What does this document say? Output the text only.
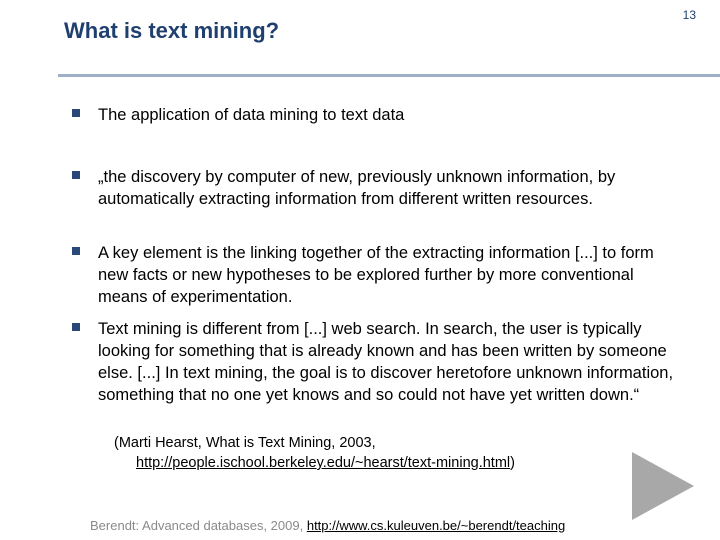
What is text mining?
13
The application of data mining to text data
„the discovery by computer of new, previously unknown information, by automatically extracting information from different written resources.
A key element is the linking together of the extracting information [...] to form new facts or new hypotheses to be explored further by more conventional means of experimentation.
Text mining is different from [...] web search. In search, the user is typically looking for something that is already known and has been written by someone else. [...] In text mining, the goal is to discover heretofore unknown information, something that no one yet knows and so could not have yet written down.“
(Marti Hearst, What is Text Mining, 2003,
http://people.ischool.berkeley.edu/~hearst/text-mining.html)
Berendt: Advanced databases, 2009, http://www.cs.kuleuven.be/~berendt/teaching
